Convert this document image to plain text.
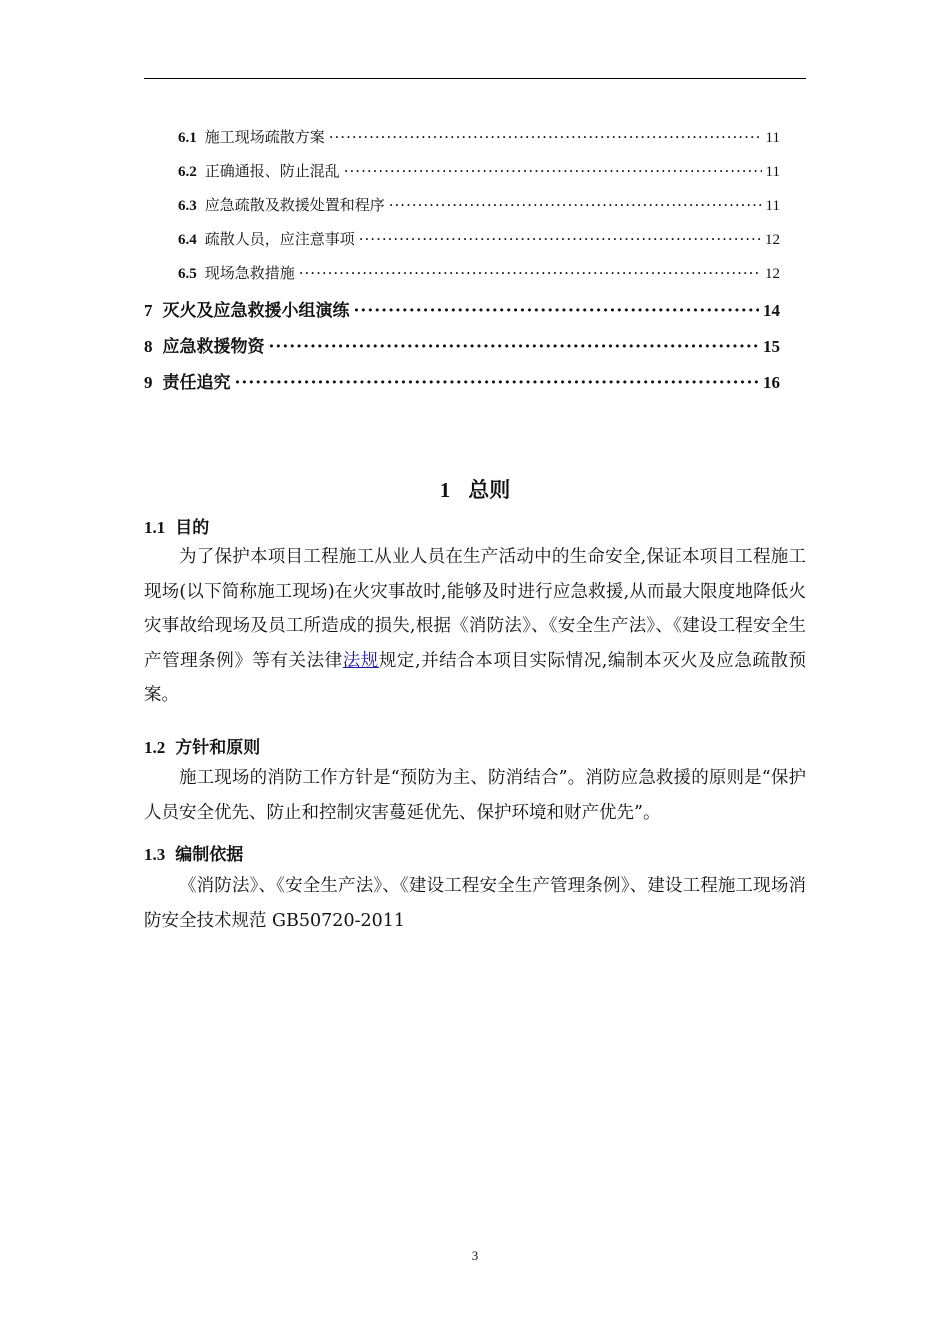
6.1 施工现场疏散方案 ·····	11
6.2 正确通报、防止混乱 ·····	11
6.3 应急疏散及救援处置和程序 ·····	11
6.4 疏散人员，应注意事项 ·····	12
6.5 现场急救措施 ·····	12
7 灭火及应急救援小组演练 ·····	14
8 应急救援物资 ·····	15
9 责任追究 ·····	16
1 总则
1.1 目的

为了保护本项目工程施工从业人员在生产活动中的生命安全,保证本项目工程施工现场(以下简称施工现场)在火灾事故时,能够及时进行应急救援,从而最大限度地降低火灾事故给现场及员工所造成的损失,根据《消防法》、《安全生产法》、《建设工程安全生产管理条例》等有关法律法规规定,并结合本项目实际情况,编制本灭火及应急疏散预案。

1.2 方针和原则

施工现场的消防工作方针是“预防为主、防消结合”。消防应急救援的原则是“保护人员安全优先、防止和控制灾害蔓延优先、保护环境和财产优先”。

1.3 编制依据

《消防法》、《安全生产法》、《建设工程安全生产管理条例》、建设工程施工现场消防安全技术规范 GB50720-2011

3
